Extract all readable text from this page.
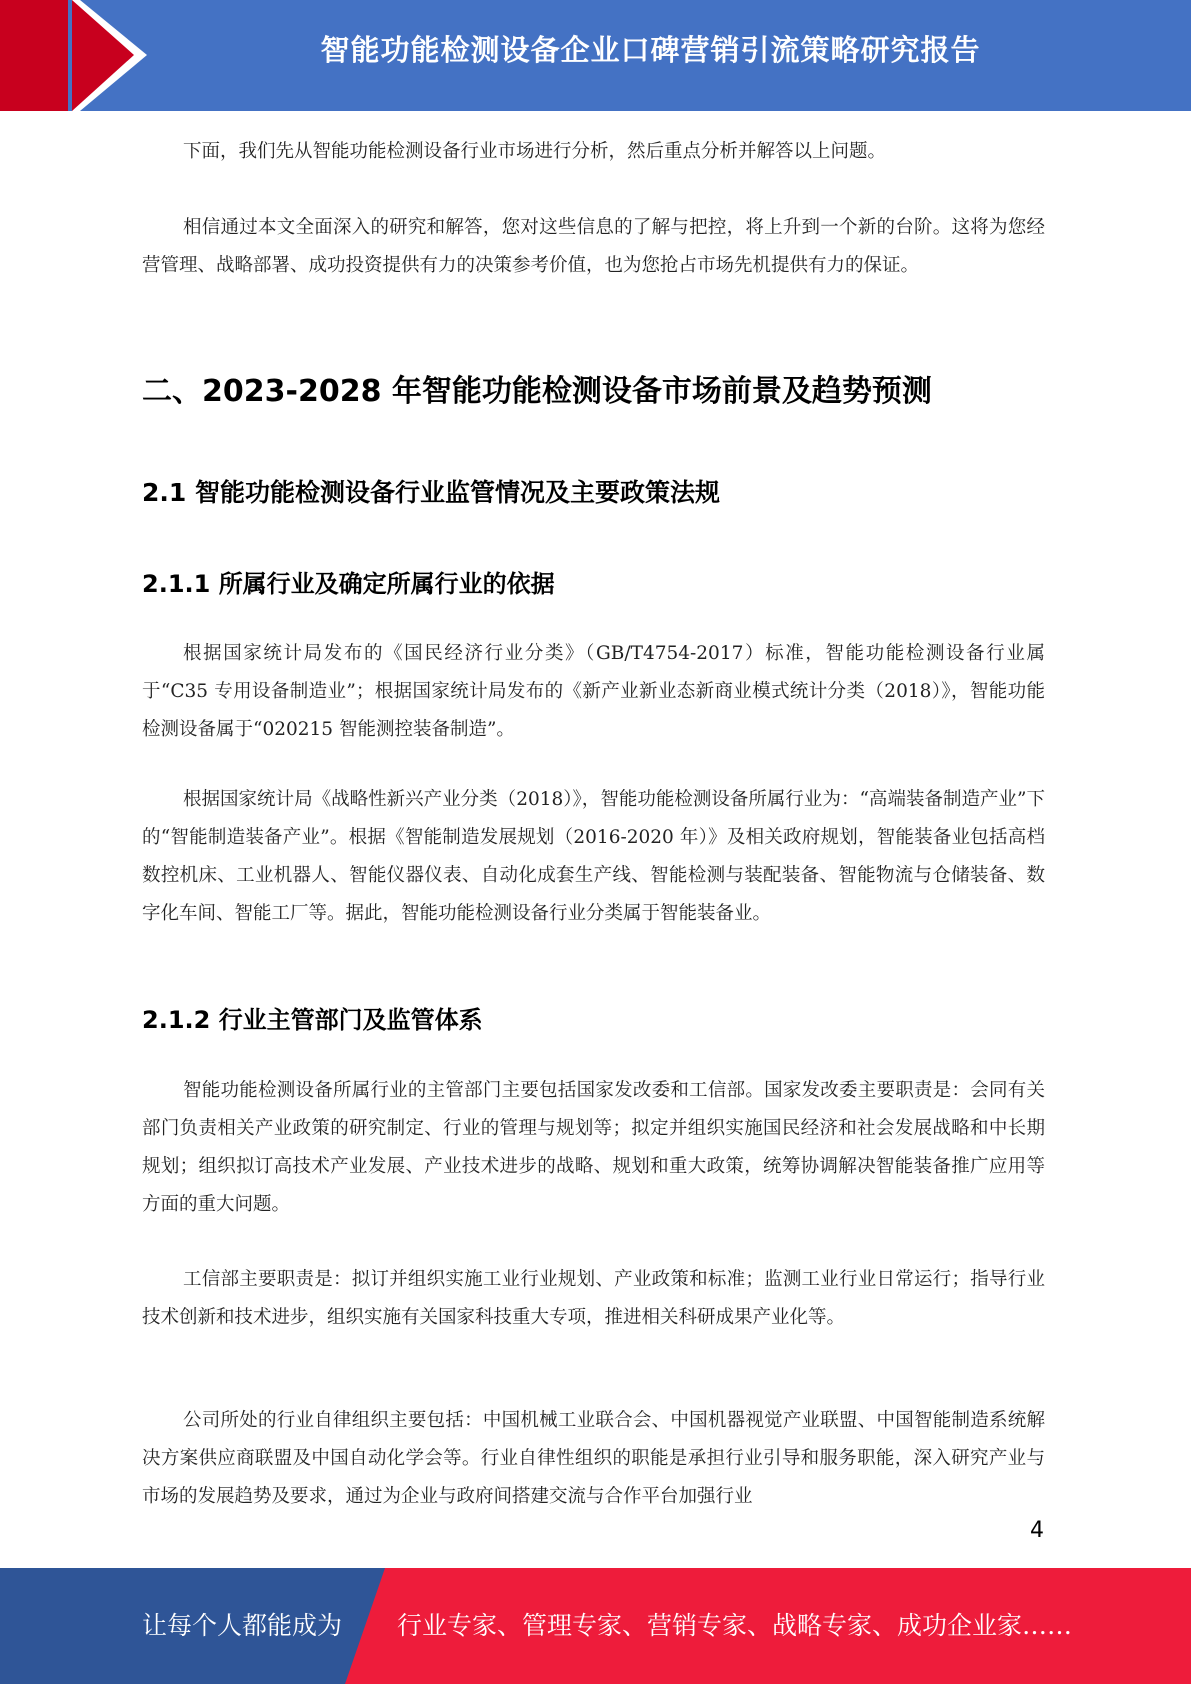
智能功能检测设备企业口碑营销引流策略研究报告

下面，我们先从智能功能检测设备行业市场进行分析，然后重点分析并解答以上问题。

相信通过本文全面深入的研究和解答，您对这些信息的了解与把控，将上升到一个新的台阶。这将为您经营管理、战略部署、成功投资提供有力的决策参考价值，也为您抢占市场先机提供有力的保证。

二、2023-2028 年智能功能检测设备市场前景及趋势预测
2.1 智能功能检测设备行业监管情况及主要政策法规
2.1.1 所属行业及确定所属行业的依据

根据国家统计局发布的《国民经济行业分类》（GB/T4754-2017）标准，智能功能检测设备行业属于“C35 专用设备制造业”；根据国家统计局发布的《新产业新业态新商业模式统计分类（2018）》，智能功能检测设备属于“020215 智能测控装备制造”。

根据国家统计局《战略性新兴产业分类（2018）》，智能功能检测设备所属行业为：“高端装备制造产业”下的“智能制造装备产业”。根据《智能制造发展规划（2016-2020 年）》及相关政府规划，智能装备业包括高档数控机床、工业机器人、智能仪器仪表、自动化成套生产线、智能检测与装配装备、智能物流与仓储装备、数字化车间、智能工厂等。据此，智能功能检测设备行业分类属于智能装备业。

2.1.2 行业主管部门及监管体系

智能功能检测设备所属行业的主管部门主要包括国家发改委和工信部。国家发改委主要职责是：会同有关部门负责相关产业政策的研究制定、行业的管理与规划等；拟定并组织实施国民经济和社会发展战略和中长期规划；组织拟订高技术产业发展、产业技术进步的战略、规划和重大政策，统筹协调解决智能装备推广应用等方面的重大问题。

工信部主要职责是：拟订并组织实施工业行业规划、产业政策和标准；监测工业行业日常运行；指导行业技术创新和技术进步，组织实施有关国家科技重大专项，推进相关科研成果产业化等。

公司所处的行业自律组织主要包括：中国机械工业联合会、中国机器视觉产业联盟、中国智能制造系统解决方案供应商联盟及中国自动化学会等。行业自律性组织的职能是承担行业引导和服务职能，深入研究产业与市场的发展趋势及要求，通过为企业与政府间搭建交流与合作平台加强行业

4
让每个人都能成为 行业专家、管理专家、营销专家、战略专家、成功企业家……
